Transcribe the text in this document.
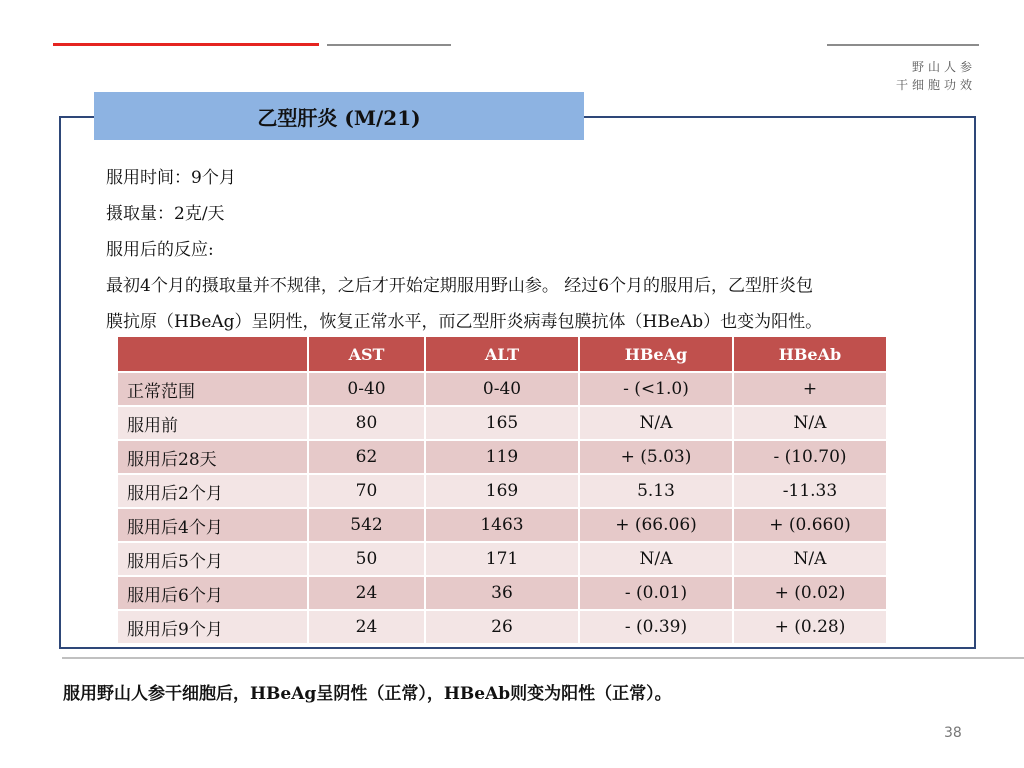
野山人参
干细胞功效
乙型肝炎 (M/21)
服用时间：9个月
摄取量：2克/天
服用后的反应:
最初4个月的摄取量并不规律，之后才开始定期服用野山参。 经过6个月的服用后，乙型肝炎包
膜抗原（HBeAg）呈阴性，恢复正常水平，而乙型肝炎病毒包膜抗体（HBeAb）也变为阳性。
	AST	ALT	HBeAg	HBeAb
正常范围	0-40	0-40	- (<1.0)	+
服用前	80	165	N/A	N/A
服用后28天	62	119	+ (5.03)	- (10.70)
服用后2个月	70	169	5.13	-11.33
服用后4个月	542	1463	+ (66.06)	+ (0.660)
服用后5个月	50	171	N/A	N/A
服用后6个月	24	36	- (0.01)	+ (0.02)
服用后9个月	24	26	- (0.39)	+ (0.28)
服用野山人参干细胞后，HBeAg呈阴性（正常），HBeAb则变为阳性（正常）。
38
